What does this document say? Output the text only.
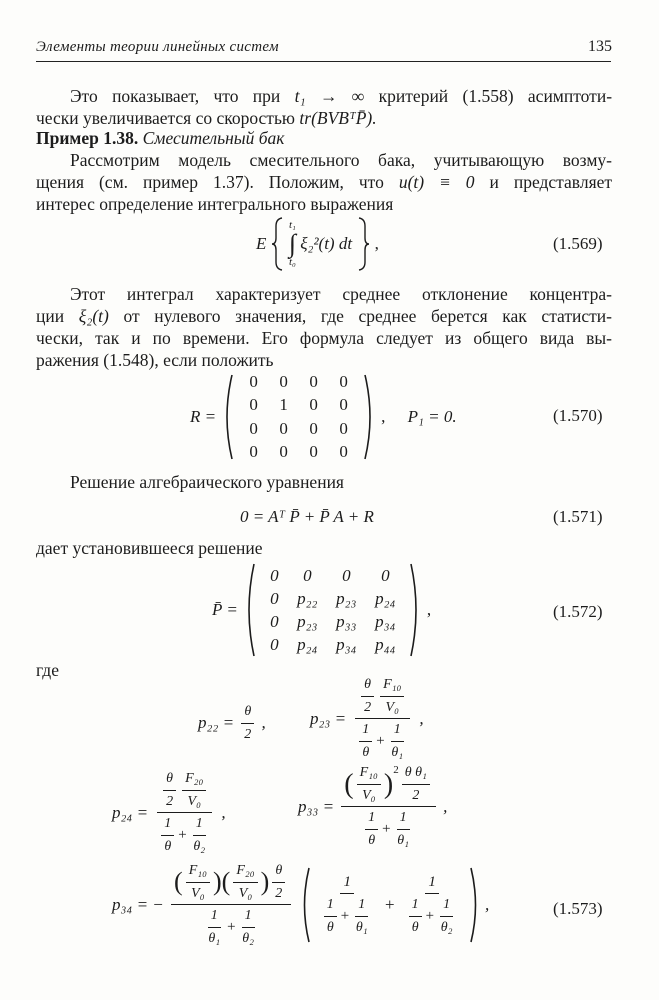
Элементы теории линейных систем	135
Это показывает, что при t₁ → ∞ критерий (1.558) асимптоти-
чески увеличивается со скоростью tr(BVBᵀP̄).
Пример 1.38. Смесительный бак
Рассмотрим модель смесительного бака, учитывающую возму-
щения (см. пример 1.37). Положим, что u(t) ≡ 0 и представляет
интерес определение интегрального выражения
E
t₁
∫
t₀
ξ₂²(t) dt ,	(1.569)
Этот интеграл характеризует среднее отклонение концентра-
ции ξ₂(t) от нулевого значения, где среднее берется как статисти-
чески, так и по времени. Его формула следует из общего вида вы-
ражения (1.548), если положить
R =
0	0	0	0
0	1	0	0
0	0	0	0
0	0	0	0
, P₁ = 0.	(1.570)
Решение алгебраического уравнения
0 = Aᵀ P̄ + P̄ A + R	(1.571)
дает установившееся решение
P̄ =
0	0	0	0
0	p₂₂	p₂₃	p₂₄
0	p₂₃	p₃₃	p₃₄
0	p₂₄	p₃₄	p₄₄
,	(1.572)
где
$p_{22} = \frac{\theta}{2}$ ,	$p_{23} = \frac{\frac{\theta}{2} \frac{\text{F₁₀}}{\text{V₀}}}{\frac{1}{\theta} + \frac{1}{\text{θ₁}}}$ ,
$p_{24} = \frac{\frac{\theta}{2} \frac{\text{F₂₀}}{\text{V₀}}}{\frac{1}{\theta} + \frac{1}{\text{θ₂}}}$ ,	$p_{33} = \frac{( \frac{\text{F₁₀}}{\text{V₀}} )^2 \frac{\text{θ θ₁}}{2}}{\frac{1}{\theta} + \frac{1}{\text{θ₁}}}$ ,
p₃₄ = −
( $\frac{\text{F₁₀}}{\text{V₀}}$ )( $\frac{\text{F₂₀}}{\text{V₀}}$ ) $\frac{\theta}{2}$
$\frac{1}{\text{θ₁}} + \frac{1}{\text{θ₂}}$
	$\frac{1}{\frac{1}{\theta} + \frac{1}{\text{θ₁}}} + \frac{1}{\frac{1}{\theta} + \frac{1}{\text{θ₂}}}$ ,	(1.573)
